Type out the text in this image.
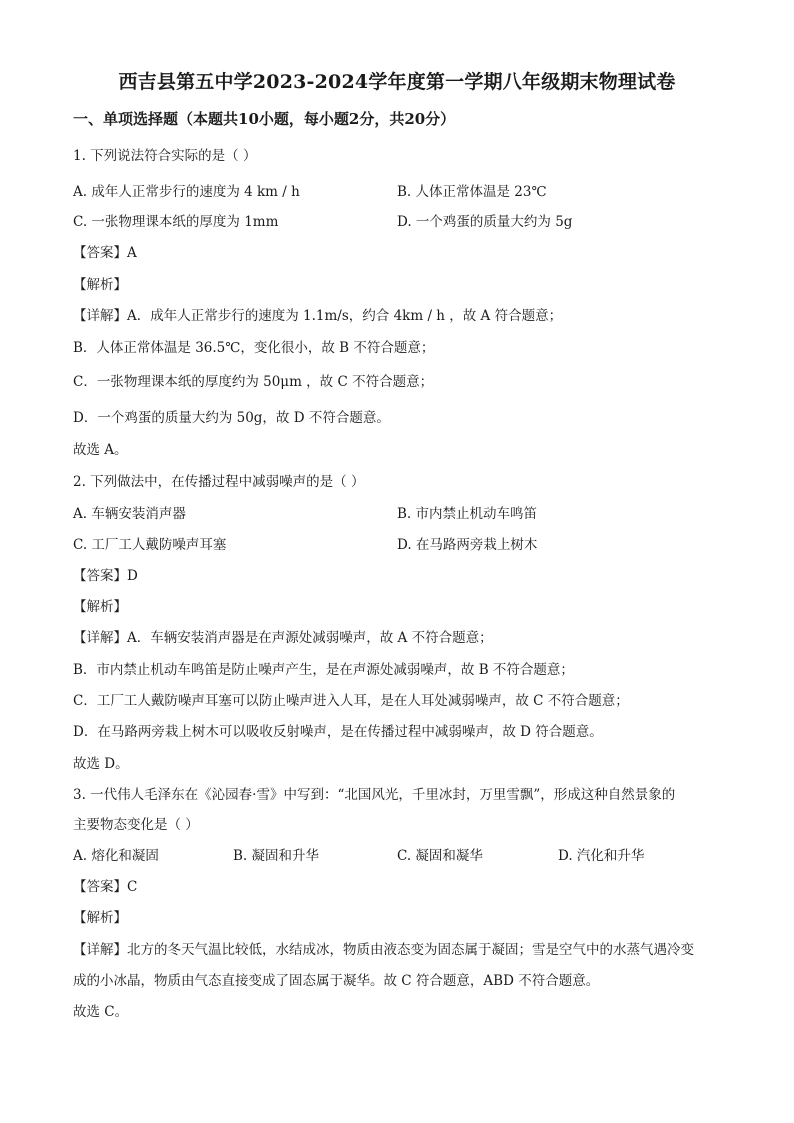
西吉县第五中学2023-2024学年度第一学期八年级期末物理试卷
一、单项选择题（本题共10小题，每小题2分，共20分）
1. 下列说法符合实际的是（ ）
A. 成年人正常步行的速度为 4 km / h	B. 人体正常体温是 23℃
C. 一张物理课本纸的厚度为 1mm	D. 一个鸡蛋的质量大约为 5g
【答案】A
【解析】
【详解】A．成年人正常步行的速度为 1.1m/s，约合 4km / h ，故 A 符合题意；
B．人体正常体温是 36.5℃，变化很小，故 B 不符合题意；
C．一张物理课本纸的厚度约为 50μm ，故 C 不符合题意；
D．一个鸡蛋的质量大约为 50g，故 D 不符合题意。
故选 A。
2. 下列做法中，在传播过程中减弱噪声的是（ ）
A. 车辆安装消声器	B. 市内禁止机动车鸣笛
C. 工厂工人戴防噪声耳塞	D. 在马路两旁栽上树木
【答案】D
【解析】
【详解】A．车辆安装消声器是在声源处减弱噪声，故 A 不符合题意；
B．市内禁止机动车鸣笛是防止噪声产生，是在声源处减弱噪声，故 B 不符合题意；
C．工厂工人戴防噪声耳塞可以防止噪声进入人耳，是在人耳处减弱噪声，故 C 不符合题意；
D．在马路两旁栽上树木可以吸收反射噪声，是在传播过程中减弱噪声，故 D 符合题意。
故选 D。
3. 一代伟人毛泽东在《沁园春·雪》中写到：“北国风光，千里冰封，万里雪飘”，形成这种自然景象的
主要物态变化是（ ）
A. 熔化和凝固	B. 凝固和升华	C. 凝固和凝华	D. 汽化和升华
【答案】C
【解析】
【详解】北方的冬天气温比较低，水结成冰，物质由液态变为固态属于凝固；雪是空气中的水蒸气遇冷变
成的小冰晶，物质由气态直接变成了固态属于凝华。故 C 符合题意，ABD 不符合题意。
故选 C。
